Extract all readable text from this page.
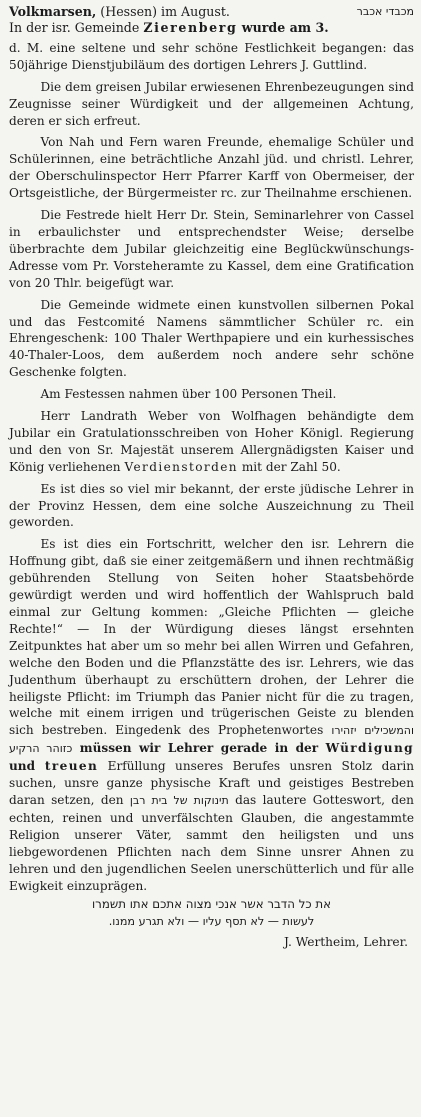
Volkmarsen, (Hessen) im August.	מכבדי אכבר

In der isr. Gemeinde Zierenberg wurde am 3.

d. M. eine seltene und sehr schöne Festlichkeit begangen: das 50jährige Dienstjubiläum des dortigen Lehrers J. Guttlind.

Die dem greisen Jubilar erwiesenen Ehrenbezeugungen sind Zeugnisse seiner Würdigkeit und der allgemeinen Achtung, deren er sich erfreut.

Von Nah und Fern waren Freunde, ehemalige Schüler und Schülerinnen, eine beträchtliche Anzahl jüd. und christl. Lehrer, der Oberschulinspector Herr Pfarrer Karff von Obermeiser, der Ortsgeistliche, der Bürgermeister rc. zur Theilnahme erschienen.

Die Festrede hielt Herr Dr. Stein, Seminarlehrer von Cassel in erbaulichster und entsprechendster Weise; derselbe überbrachte dem Jubilar gleichzeitig eine Beglückwünschungs-Adresse vom Pr. Vorsteheramte zu Kassel, dem eine Gratification von 20 Thlr. beigefügt war.

Die Gemeinde widmete einen kunstvollen silbernen Pokal und das Festcomité Namens sämmtlicher Schüler rc. ein Ehrengeschenk: 100 Thaler Werthpapiere und ein kurhessisches 40-Thaler-Loos, dem außerdem noch andere sehr schöne Geschenke folgten.

Am Festessen nahmen über 100 Personen Theil.

Herr Landrath Weber von Wolfhagen behändigte dem Jubilar ein Gratulationsschreiben von Hoher Königl. Regierung und den von Sr. Majestät unserem Allergnädigsten Kaiser und König verliehenen Verdienstorden mit der Zahl 50.

Es ist dies so viel mir bekannt, der erste jüdische Lehrer in der Provinz Hessen, dem eine solche Auszeichnung zu Theil geworden.

Es ist dies ein Fortschritt, welcher den isr. Lehrern die Hoffnung gibt, daß sie einer zeitgemäßern und ihnen rechtmäßig gebührenden Stellung von Seiten hoher Staatsbehörde gewürdigt werden und wird hoffentlich der Wahlspruch bald einmal zur Geltung kommen: „Gleiche Pflichten — gleiche Rechte!“ — In der Würdigung dieses längst ersehnten Zeitpunktes hat aber um so mehr bei allen Wirren und Gefahren, welche den Boden und die Pflanzstätte des isr. Lehrers, wie das Judenthum überhaupt zu erschüttern drohen, der Lehrer die heiligste Pflicht: im Triumph das Panier nicht für die zu tragen, welche mit einem irrigen und trügerischen Geiste zu blenden sich bestreben. Eingedenk des Prophetenwortes והמשכילים יזהירו כזוהר הרקיע müssen wir Lehrer gerade in der Würdigung und treuen Erfüllung unseres Berufes unsren Stolz darin suchen, unsre ganze physische Kraft und geistiges Bestreben daran setzen, den תינוקות של בית רבן das lautere Gotteswort, den echten, reinen und unverfälschten Glauben, die angestammte Religion unserer Väter, sammt den heiligsten und uns liebgewordenen Pflichten nach dem Sinne unsrer Ahnen zu lehren und den jugendlichen Seelen unerschütterlich und für alle Ewigkeit einzuprägen.

את כל הדבר אשר אנכי מצוה אתכם אתו תשמרו
לעשות — לא תסף עליו — ולא תגרע ממנו.
J. Wertheim, Lehrer.
